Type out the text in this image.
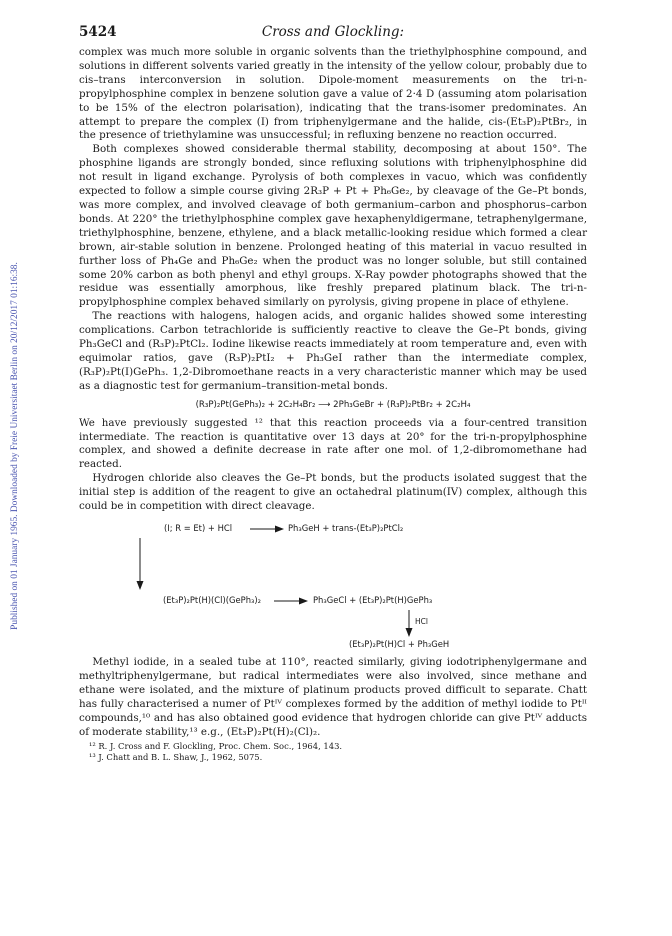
Published on 01 January 1965. Downloaded by Freie Universitaet Berlin on 20/12/2017 01:16:38.
5424	Cross and Glockling:

complex was much more soluble in organic solvents than the triethylphosphine compound, and solutions in different solvents varied greatly in the intensity of the yellow colour, probably due to cis–trans interconversion in solution. Dipole-moment measurements on the tri-n-propylphosphine complex in benzene solution gave a value of 2·4 D (assuming atom polarisation to be 15% of the electron polarisation), indicating that the trans-isomer predominates. An attempt to prepare the complex (I) from triphenylgermane and the halide, cis-(Et₃P)₂PtBr₂, in the presence of triethylamine was unsuccessful; in refluxing benzene no reaction occurred.

Both complexes showed considerable thermal stability, decomposing at about 150°. The phosphine ligands are strongly bonded, since refluxing solutions with triphenylphosphine did not result in ligand exchange. Pyrolysis of both complexes in vacuo, which was confidently expected to follow a simple course giving 2R₃P + Pt + Ph₆Ge₂, by cleavage of the Ge–Pt bonds, was more complex, and involved cleavage of both germanium–carbon and phosphorus–carbon bonds. At 220° the triethylphosphine complex gave hexaphenyldigermane, tetraphenylgermane, triethylphosphine, benzene, ethylene, and a black metallic-looking residue which formed a clear brown, air-stable solution in benzene. Prolonged heating of this material in vacuo resulted in further loss of Ph₄Ge and Ph₆Ge₂ when the product was no longer soluble, but still contained some 20% carbon as both phenyl and ethyl groups. X-Ray powder photographs showed that the residue was essentially amorphous, like freshly prepared platinum black. The tri-n-propylphosphine complex behaved similarly on pyrolysis, giving propene in place of ethylene.

The reactions with halogens, halogen acids, and organic halides showed some interesting complications. Carbon tetrachloride is sufficiently reactive to cleave the Ge–Pt bonds, giving Ph₃GeCl and (R₃P)₂PtCl₂. Iodine likewise reacts immediately at room temperature and, even with equimolar ratios, gave (R₃P)₂PtI₂ + Ph₃GeI rather than the intermediate complex, (R₃P)₂Pt(I)GePh₃. 1,2-Dibromoethane reacts in a very characteristic manner which may be used as a diagnostic test for germanium–transition-metal bonds.

(R₃P)₂Pt(GePh₃)₂ + 2C₂H₄Br₂ ⟶ 2Ph₃GeBr + (R₃P)₂PtBr₂ + 2C₂H₄

We have previously suggested ¹² that this reaction proceeds via a four-centred transition intermediate. The reaction is quantitative over 13 days at 20° for the tri-n-propylphosphine complex, and showed a definite decrease in rate after one mol. of 1,2-dibromomethane had reacted.

Hydrogen chloride also cleaves the Ge–Pt bonds, but the products isolated suggest that the initial step is addition of the reagent to give an octahedral platinum(IV) complex, although this could be in competition with direct cleavage.

(I; R = Et) + HCl	Ph₃GeH + trans-(Et₃P)₂PtCl₂
(Et₃P)₂Pt(H)(Cl)(GePh₃)₂	Ph₃GeCl + (Et₃P)₂Pt(H)GePh₃
HCl
(Et₃P)₂Pt(H)Cl + Ph₃GeH

Methyl iodide, in a sealed tube at 110°, reacted similarly, giving iodotriphenylgermane and methyltriphenylgermane, but radical intermediates were also involved, since methane and ethane were isolated, and the mixture of platinum products proved difficult to separate. Chatt has fully characterised a numer of Ptᴵⱽ complexes formed by the addition of methyl iodide to Ptᴵᴵ compounds,¹⁰ and has also obtained good evidence that hydrogen chloride can give Ptᴵⱽ adducts of moderate stability,¹³ e.g., (Et₃P)₂Pt(H)₂(Cl)₂.

¹² R. J. Cross and F. Glockling, Proc. Chem. Soc., 1964, 143.

¹³ J. Chatt and B. L. Shaw, J., 1962, 5075.
